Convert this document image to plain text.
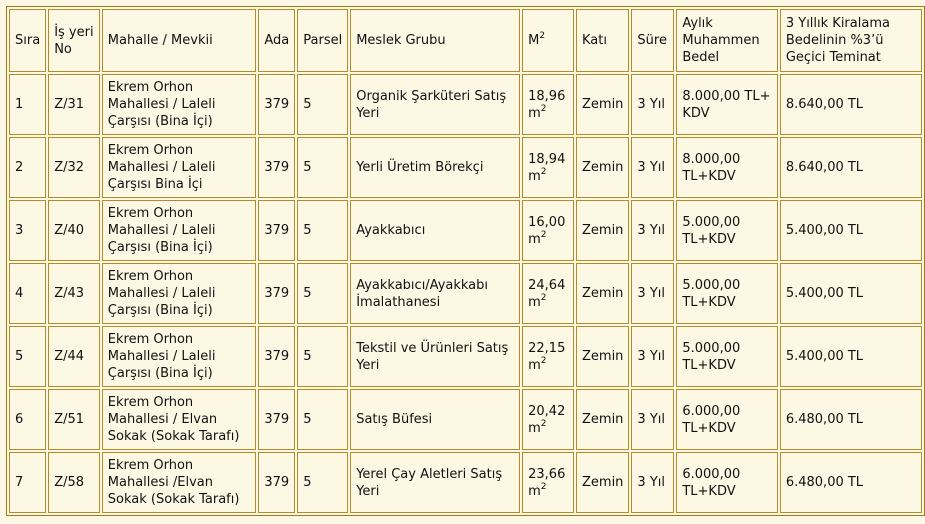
Sıra	İş yeri No	Mahalle / Mevkii	Ada	Parsel	Meslek Grubu	$M^2$	Katı	Süre	Aylık Muhammen Bedel	3 Yıllık Kiralama Bedelinin %3’ü Geçici Teminat
1	Z/31	Ekrem Orhon Mahallesi / Laleli Çarşısı (Bina İçi)	379	5	Organik Şarküteri Satış Yeri	18,96 $m^2$	Zemin	3 Yıl	8.000,00 TL+ KDV	8.640,00 TL
2	Z/32	Ekrem Orhon Mahallesi / Laleli Çarşısı Bina İçi	379	5	Yerli Üretim Börekçi	18,94 $m^2$	Zemin	3 Yıl	8.000,00 TL+KDV	8.640,00 TL
3	Z/40	Ekrem Orhon Mahallesi / Laleli Çarşısı (Bina İçi)	379	5	Ayakkabıcı	16,00 $m^2$	Zemin	3 Yıl	5.000,00 TL+KDV	5.400,00 TL
4	Z/43	Ekrem Orhon Mahallesi / Laleli Çarşısı (Bina İçi)	379	5	Ayakkabıcı/Ayakkabı İmalathanesi	24,64 $m^2$	Zemin	3 Yıl	5.000,00 TL+KDV	5.400,00 TL
5	Z/44	Ekrem Orhon Mahallesi / Laleli Çarşısı (Bina İçi)	379	5	Tekstil ve Ürünleri Satış Yeri	22,15 $m^2$	Zemin	3 Yıl	5.000,00 TL+KDV	5.400,00 TL
6	Z/51	Ekrem Orhon Mahallesi / Elvan Sokak (Sokak Tarafı)	379	5	Satış Büfesi	20,42 $m^2$	Zemin	3 Yıl	6.000,00 TL+KDV	6.480,00 TL
7	Z/58	Ekrem Orhon Mahallesi /Elvan Sokak (Sokak Tarafı)	379	5	Yerel Çay Aletleri Satış Yeri	23,66 $m^2$	Zemin	3 Yıl	6.000,00 TL+KDV	6.480,00 TL
